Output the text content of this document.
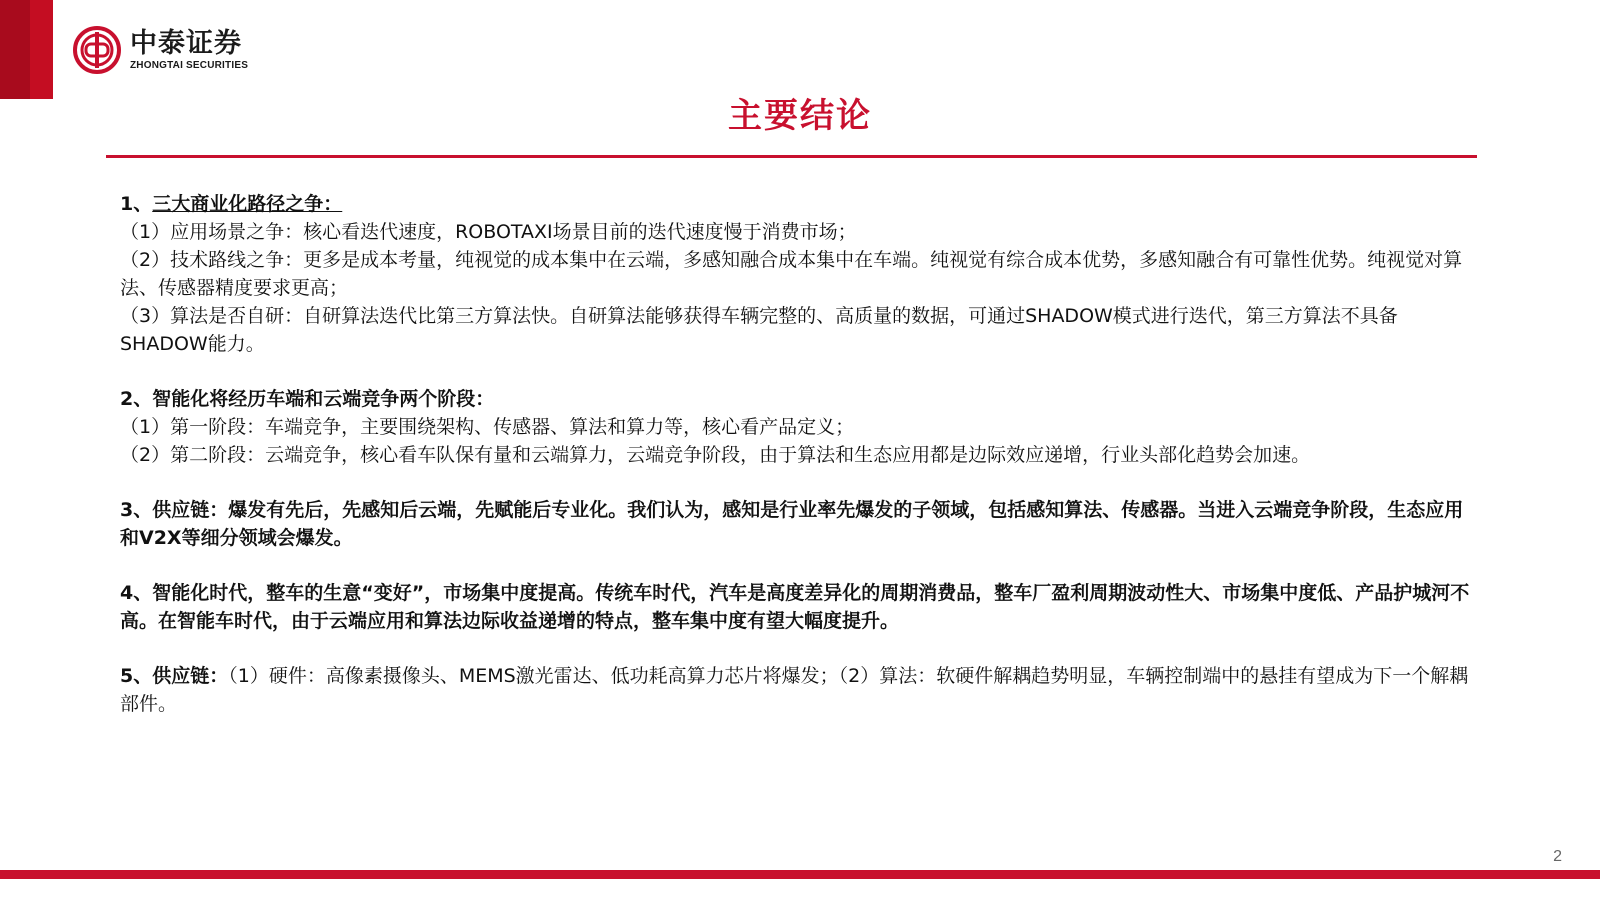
中泰证券
ZHONGTAI SECURITIES
主要结论

1、三大商业化路径之争：

（1）应用场景之争：核心看迭代速度，ROBOTAXI场景目前的迭代速度慢于消费市场；

（2）技术路线之争：更多是成本考量，纯视觉的成本集中在云端，多感知融合成本集中在车端。纯视觉有综合成本优势，多感知融合有可靠性优势。纯视觉对算法、传感器精度要求更高；

（3）算法是否自研：自研算法迭代比第三方算法快。自研算法能够获得车辆完整的、高质量的数据，可通过SHADOW模式进行迭代，第三方算法不具备SHADOW能力。

2、智能化将经历车端和云端竞争两个阶段：

（1）第一阶段：车端竞争，主要围绕架构、传感器、算法和算力等，核心看产品定义；

（2）第二阶段：云端竞争，核心看车队保有量和云端算力，云端竞争阶段，由于算法和生态应用都是边际效应递增，行业头部化趋势会加速。

3、供应链：爆发有先后，先感知后云端，先赋能后专业化。我们认为，感知是行业率先爆发的子领域，包括感知算法、传感器。当进入云端竞争阶段，生态应用和V2X等细分领域会爆发。

4、智能化时代，整车的生意“变好”，市场集中度提高。传统车时代，汽车是高度差异化的周期消费品，整车厂盈利周期波动性大、市场集中度低、产品护城河不高。在智能车时代，由于云端应用和算法边际收益递增的特点，整车集中度有望大幅度提升。

5、供应链：（1）硬件：高像素摄像头、MEMS激光雷达、低功耗高算力芯片将爆发；（2）算法：软硬件解耦趋势明显，车辆控制端中的悬挂有望成为下一个解耦部件。

2
